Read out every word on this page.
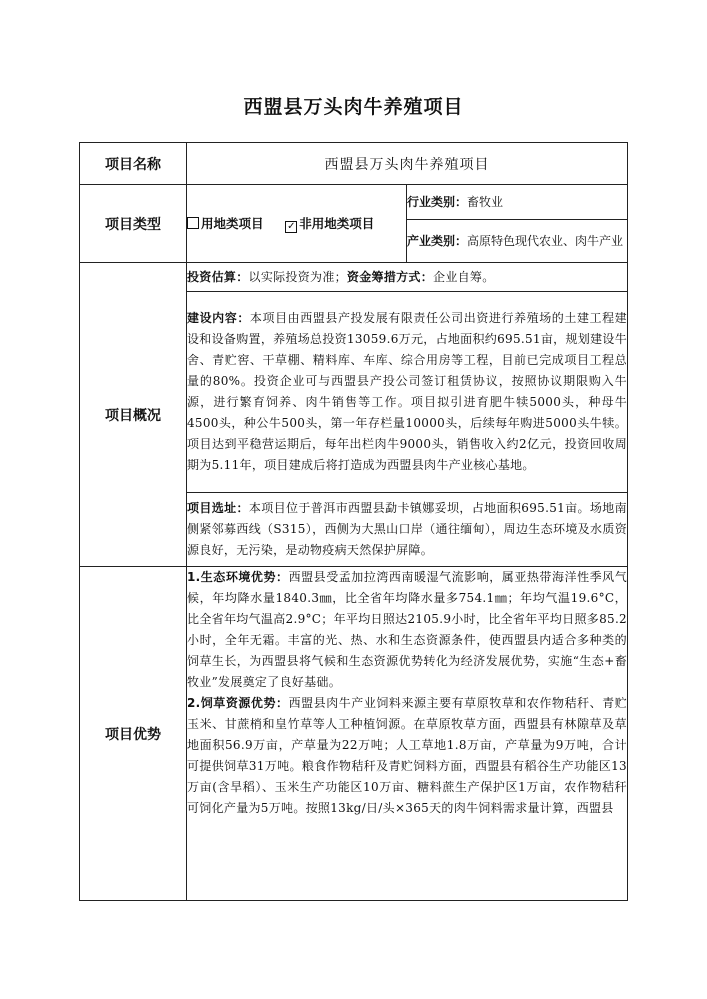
西盟县万头肉牛养殖项目
项目名称	西盟县万头肉牛养殖项目	
项目类型	用地类项目 ✓ 非用地类项目	行业类别：畜牧业
		产业类别：高原特色现代农业、肉牛产业
项目概况	投资估算：以实际投资为准；资金筹措方式：企业自筹。	
	建设内容：本项目由西盟县产投发展有限责任公司出资进行养殖场的土建工程建设和设备购置，养殖场总投资13059.6万元，占地面积约695.51亩，规划建设牛舍、青贮窖、干草棚、精料库、车库、综合用房等工程，目前已完成项目工程总量的80%。投资企业可与西盟县产投公司签订租赁协议，按照协议期限购入牛源，进行繁育饲养、肉牛销售等工作。项目拟引进育肥牛犊5000头，种母牛4500头，种公牛500头，第一年存栏量10000头，后续每年购进5000头牛犊。项目达到平稳营运期后，每年出栏肉牛9000头，销售收入约2亿元，投资回收周期为5.11年，项目建成后将打造成为西盟县肉牛产业核心基地。	
	项目选址：本项目位于普洱市西盟县勐卡镇娜妥坝，占地面积695.51亩。场地南侧紧邻募西线（S315），西侧为大黑山口岸（通往缅甸），周边生态环境及水质资源良好，无污染，是动物疫病天然保护屏障。	
项目优势	1.生态环境优势：西盟县受孟加拉湾西南暖湿气流影响，属亚热带海洋性季风气候，年均降水量1840.3㎜，比全省年均降水量多754.1㎜；年均气温19.6°C，比全省年均气温高2.9°C；年平均日照达2105.9小时，比全省年平均日照多85.2小时，全年无霜。丰富的光、热、水和生态资源条件，使西盟县内适合多种类的饲草生长，为西盟县将气候和生态资源优势转化为经济发展优势，实施“生态+畜牧业”发展奠定了良好基础。
2.饲草资源优势：西盟县肉牛产业饲料来源主要有草原牧草和农作物秸秆、青贮玉米、甘蔗梢和皇竹草等人工种植饲源。在草原牧草方面，西盟县有林隙草及草地面积56.9万亩，产草量为22万吨；人工草地1.8万亩，产草量为9万吨，合计可提供饲草31万吨。粮食作物秸秆及青贮饲料方面，西盟县有稻谷生产功能区13万亩(含旱稻）、玉米生产功能区10万亩、糖料蔗生产保护区1万亩，农作物秸秆可饲化产量为5万吨。按照13kg/日/头×365天的肉牛饲料需求量计算，西盟县	
